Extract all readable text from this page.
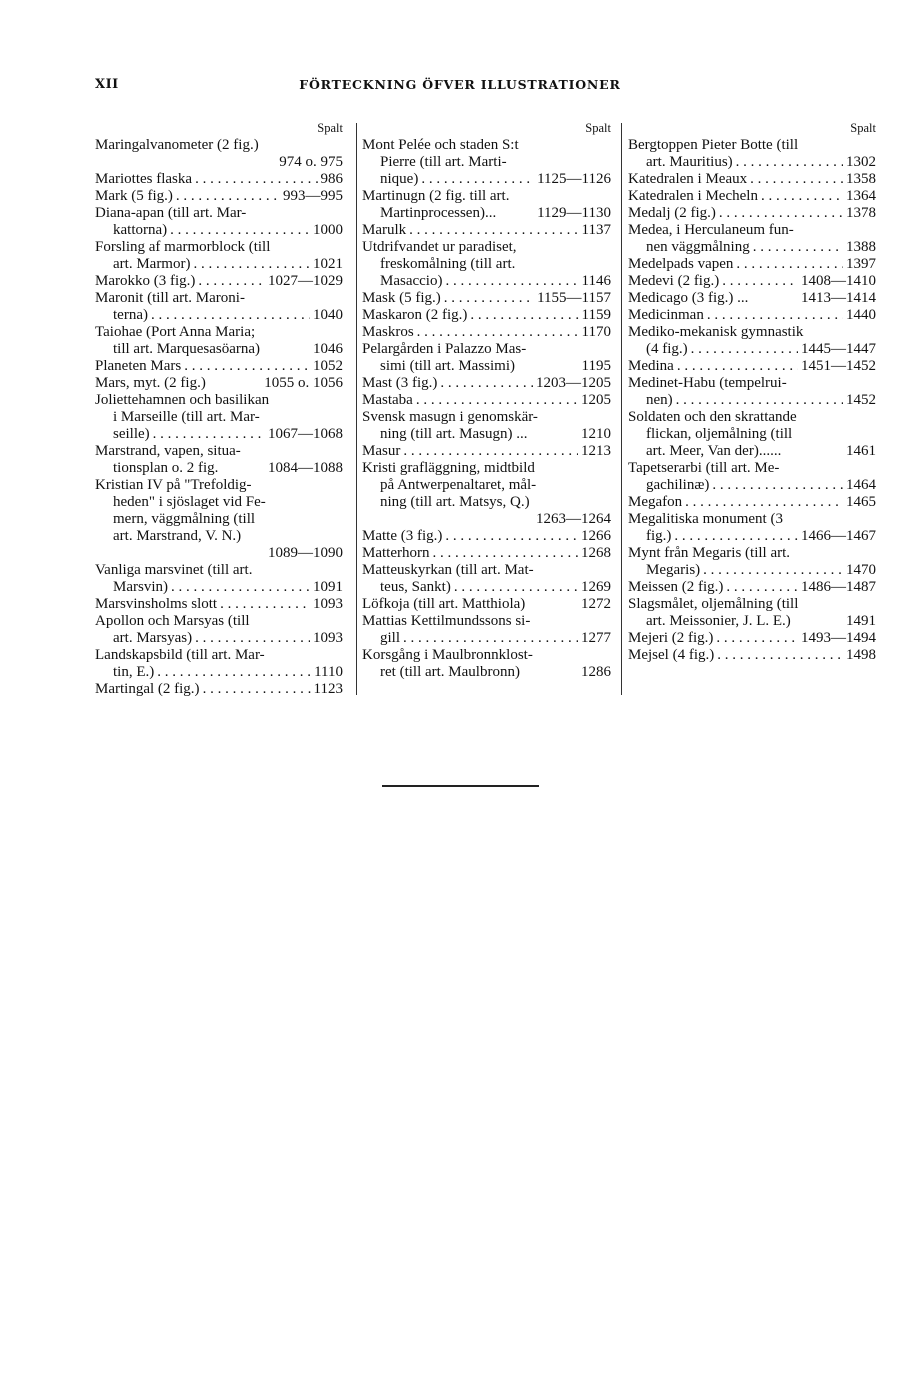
XII	FÖRTECKNING ÖFVER ILLUSTRATIONER
Spalt
Maringalvanometer (2 fig.)
974 o. 975
Mariottes flaska . . .	986
Mark (5 fig.) . . .	993—995
Diana-apan (till art. Mar-
kattorna) . . .	1000
Forsling af marmorblock (till
art. Marmor) . . .	1021
Marokko (3 fig.) . . .	1027—1029
Maronit (till art. Maroni-
terna) . . .	1040
Taiohae (Port Anna Maria;
till art. Marquesasöarna)	1046
Planeten Mars . . .	1052
Mars, myt. (2 fig.)	1055 o. 1056
Joliettehamnen och basilikan
i Marseille (till art. Mar-
seille) . . .	1067—1068
Marstrand, vapen, situa-
tionsplan o. 2 fig.	1084—1088
Kristian IV på "Trefoldig-
heden" i sjöslaget vid Fe-
mern, väggmålning (till
art. Marstrand, V. N.)
1089—1090
Vanliga marsvinet (till art.
Marsvin) . . .	1091
Marsvinsholms slott . . .	1093
Apollon och Marsyas (till
art. Marsyas) . . .	1093
Landskapsbild (till art. Mar-
tin, E.) . . .	1110
Martingal (2 fig.) . . .	1123
Spalt
Mont Pelée och staden S:t
Pierre (till art. Marti-
nique) . . .	1125—1126
Martinugn (2 fig. till art.
Martinprocessen)...	1129—1130
Marulk . . .	1137
Utdrifvandet ur paradiset,
freskomålning (till art.
Masaccio) . . .	1146
Mask (5 fig.) . . .	1155—1157
Maskaron (2 fig.) . . .	1159
Maskros . . .	1170
Pelargården i Palazzo Mas-
simi (till art. Massimi)	1195
Mast (3 fig.) . . .	1203—1205
Mastaba . . .	1205
Svensk masugn i genomskär-
ning (till art. Masugn) ...	1210
Masur . . .	1213
Kristi grafläggning, midtbild
på Antwerpenaltaret, mål-
ning (till art. Matsys, Q.)
1263—1264
Matte (3 fig.) . . .	1266
Matterhorn . . .	1268
Matteuskyrkan (till art. Mat-
teus, Sankt) . . .	1269
Löfkoja (till art. Matthiola)	1272
Mattias Kettilmundssons si-
gill . . .	1277
Korsgång i Maulbronnklost-
ret (till art. Maulbronn)	1286
Spalt
Bergtoppen Pieter Botte (till
art. Mauritius) . . .	1302
Katedralen i Meaux . . .	1358
Katedralen i Mecheln . . .	1364
Medalj (2 fig.) . . .	1378
Medea, i Herculaneum fun-
nen väggmålning . . .	1388
Medelpads vapen . . .	1397
Medevi (2 fig.) . . .	1408—1410
Medicago (3 fig.) ...	1413—1414
Medicinman . . .	1440
Mediko-mekanisk gymnastik
(4 fig.) . . .	1445—1447
Medina . . .	1451—1452
Medinet-Habu (tempelrui-
nen) . . .	1452
Soldaten och den skrattande
flickan, oljemålning (till
art. Meer, Van der)......	1461
Tapetserarbi (till art. Me-
gachilinæ) . . .	1464
Megafon . . .	1465
Megalitiska monument (3
fig.) . . .	1466—1467
Mynt från Megaris (till art.
Megaris) . . .	1470
Meissen (2 fig.) . . .	1486—1487
Slagsmålet, oljemålning (till
art. Meissonier, J. L. E.)	1491
Mejeri (2 fig.) . . .	1493—1494
Mejsel (4 fig.) . . .	1498
